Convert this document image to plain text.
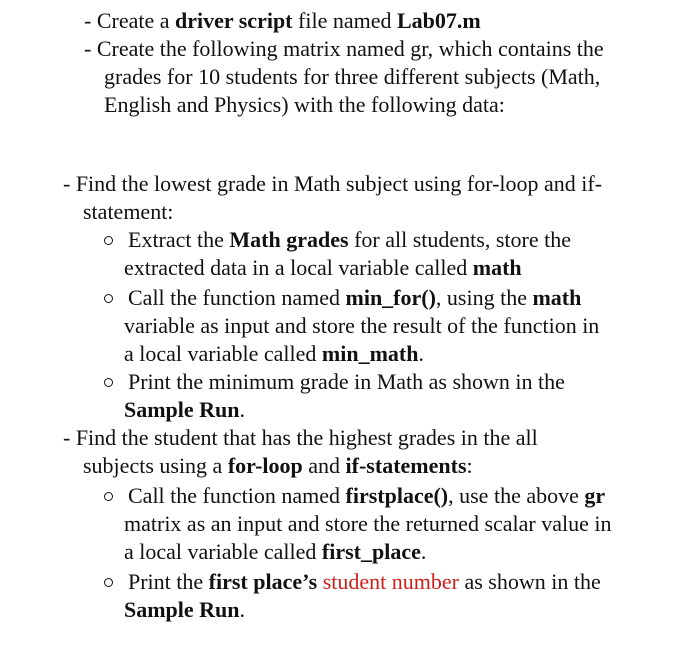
- Create a driver script file named Lab07.m
- Create the following matrix named gr, which contains the
grades for 10 students for three different subjects (Math,
English and Physics) with the following data:
- Find the lowest grade in Math subject using for-loop and if-
statement:
Extract the Math grades for all students, store the
extracted data in a local variable called math
Call the function named min_for(), using the math
variable as input and store the result of the function in
a local variable called min_math.
Print the minimum grade in Math as shown in the
Sample Run.
- Find the student that has the highest grades in the all
subjects using a for-loop and if-statements:
Call the function named firstplace(), use the above gr
matrix as an input and store the returned scalar value in
a local variable called first_place.
Print the first place’s student number as shown in the
Sample Run.
